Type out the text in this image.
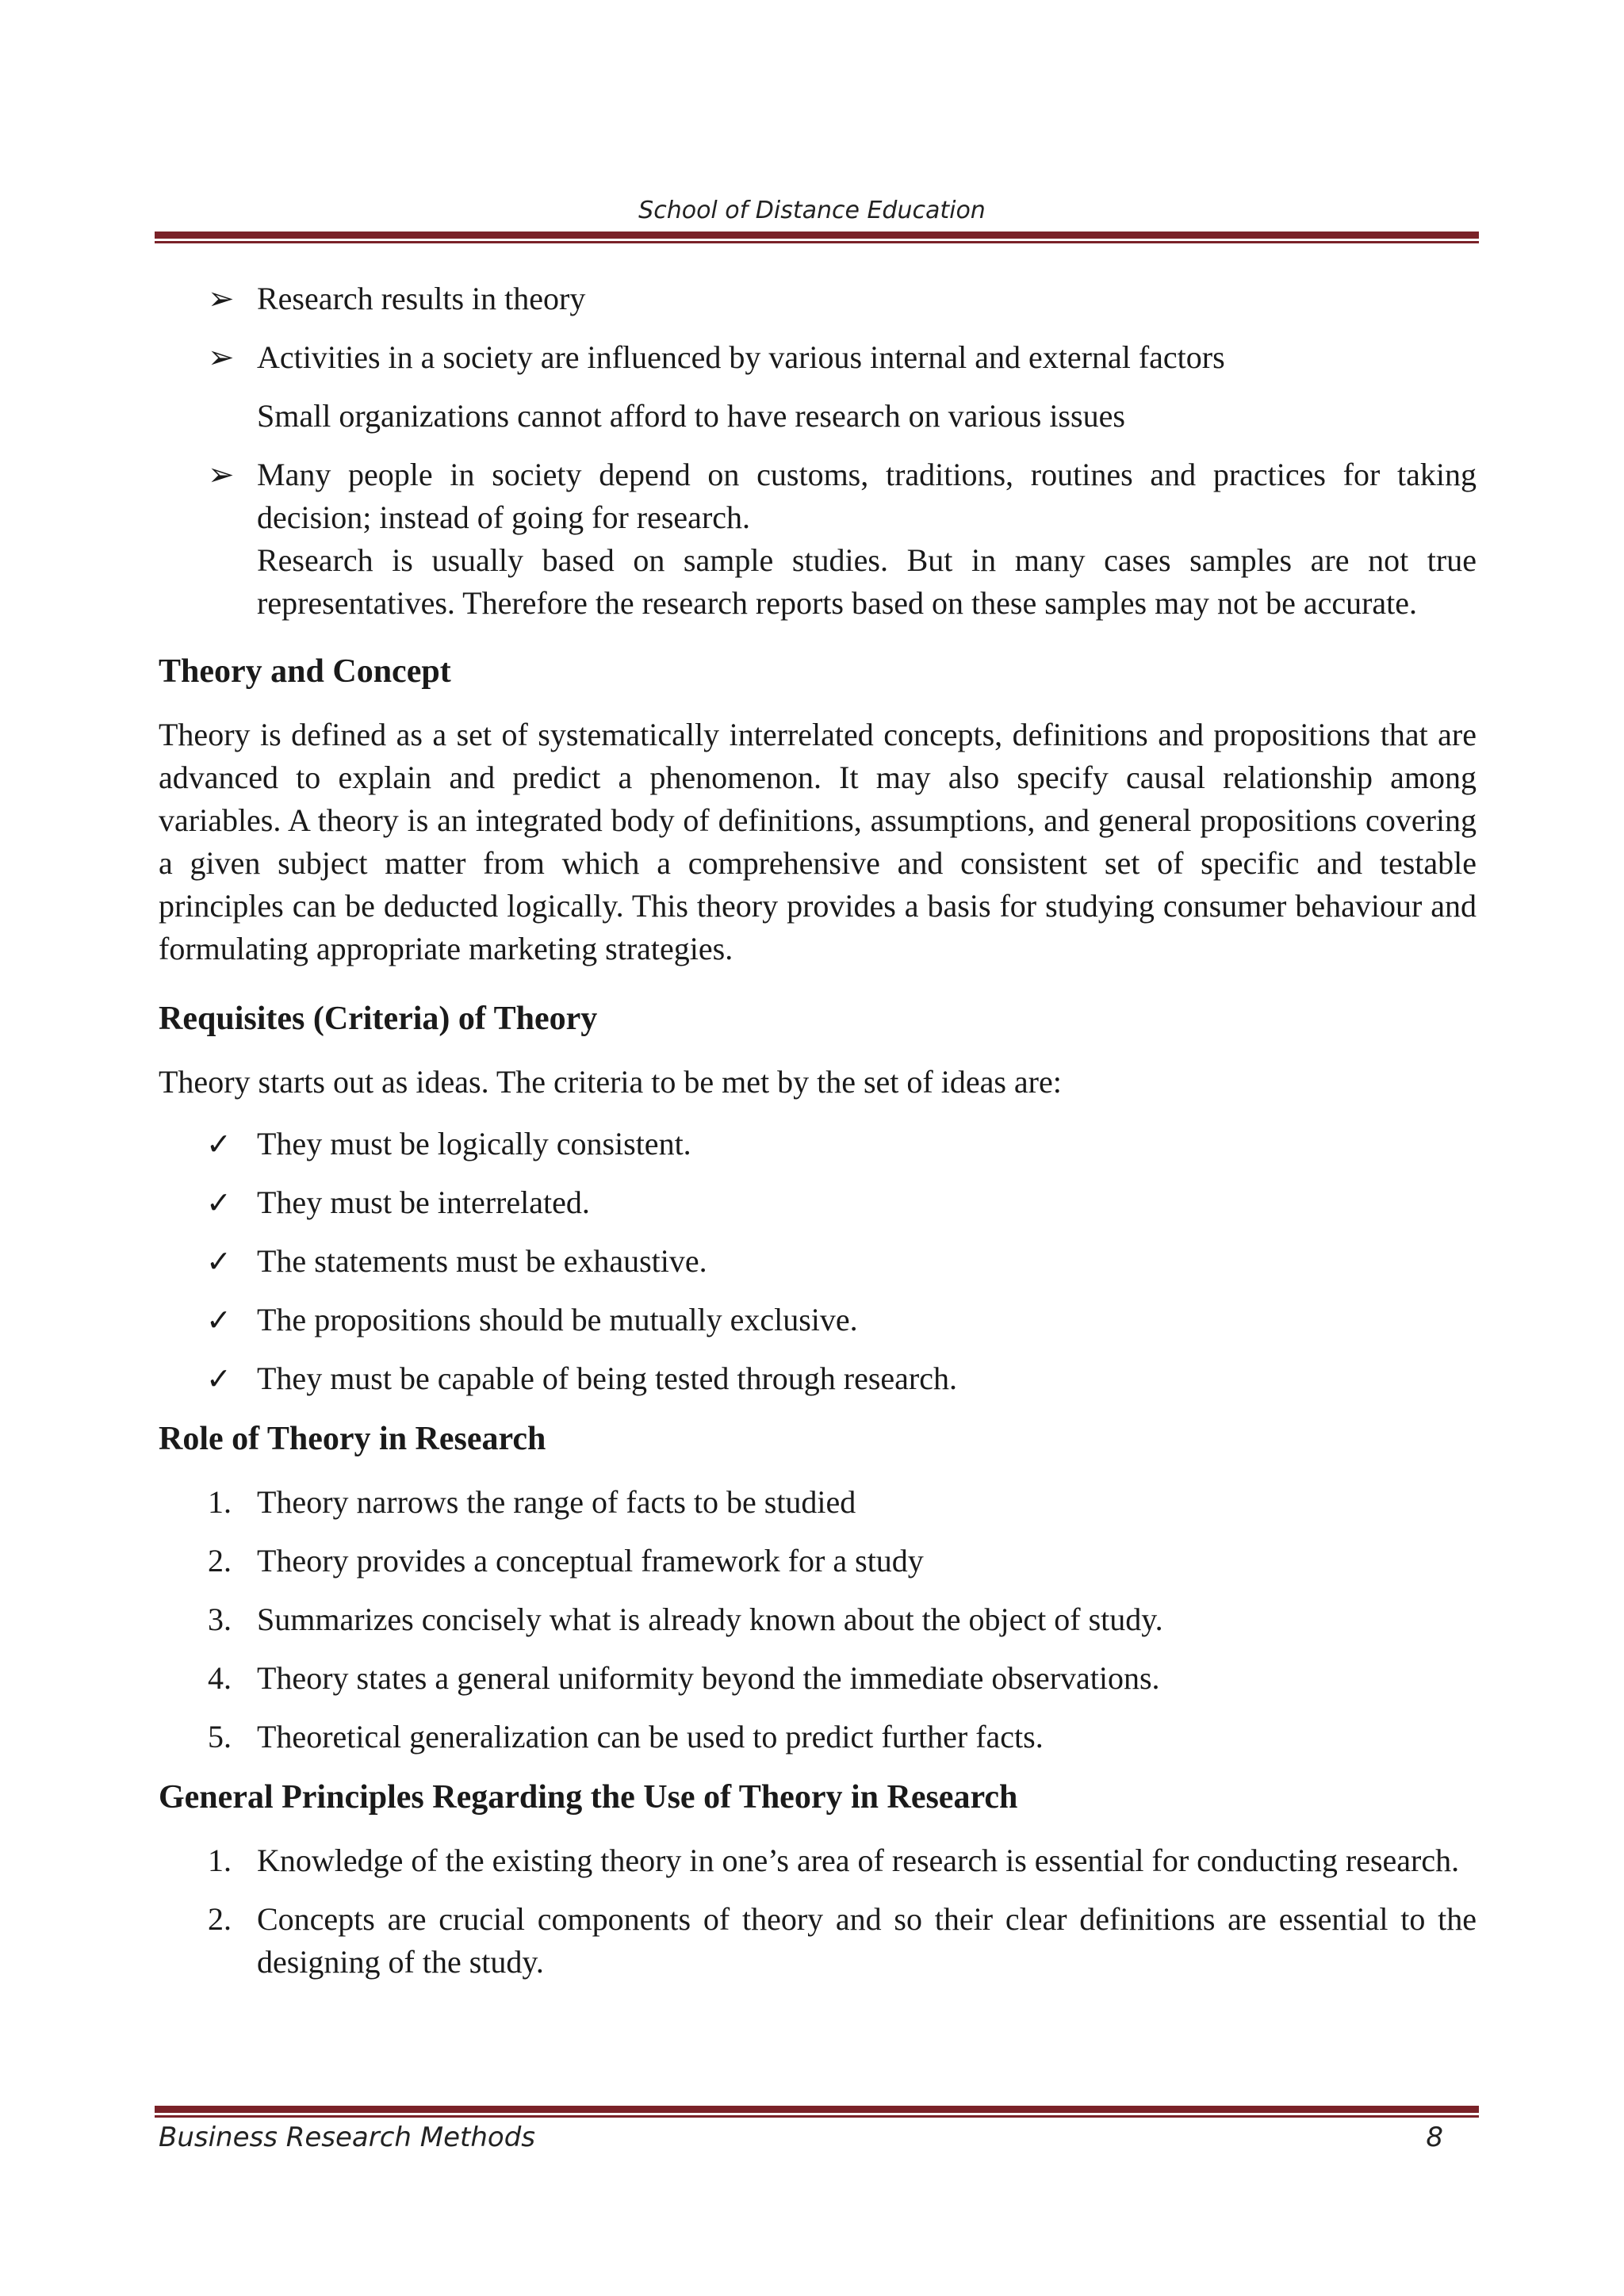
School of Distance Education
➢ Research results in theory
➢ Activities in a society are influenced by various internal and external factors
Small organizations cannot afford to have research on various issues
➢ Many people in society depend on customs, traditions, routines and practices for taking decision; instead of going for research.
Research is usually based on sample studies. But in many cases samples are not true representatives. Therefore the research reports based on these samples may not be accurate.
Theory and Concept

Theory is defined as a set of systematically interrelated concepts, definitions and propositions that are advanced to explain and predict a phenomenon. It may also specify causal relationship among variables. A theory is an integrated body of definitions, assumptions, and general propositions covering a given subject matter from which a comprehensive and consistent set of specific and testable principles can be deducted logically. This theory provides a basis for studying consumer behaviour and formulating appropriate marketing strategies.

Requisites (Criteria) of Theory

Theory starts out as ideas. The criteria to be met by the set of ideas are:

✓ They must be logically consistent.
✓ They must be interrelated.
✓ The statements must be exhaustive.
✓ The propositions should be mutually exclusive.
✓ They must be capable of being tested through research.
Role of Theory in Research
1. Theory narrows the range of facts to be studied
2. Theory provides a conceptual framework for a study
3. Summarizes concisely what is already known about the object of study.
4. Theory states a general uniformity beyond the immediate observations.
5. Theoretical generalization can be used to predict further facts.
General Principles Regarding the Use of Theory in Research
1. Knowledge of the existing theory in one’s area of research is essential for conducting research.
2. Concepts are crucial components of theory and so their clear definitions are essential to the designing of the study.
Business Research Methods	8
